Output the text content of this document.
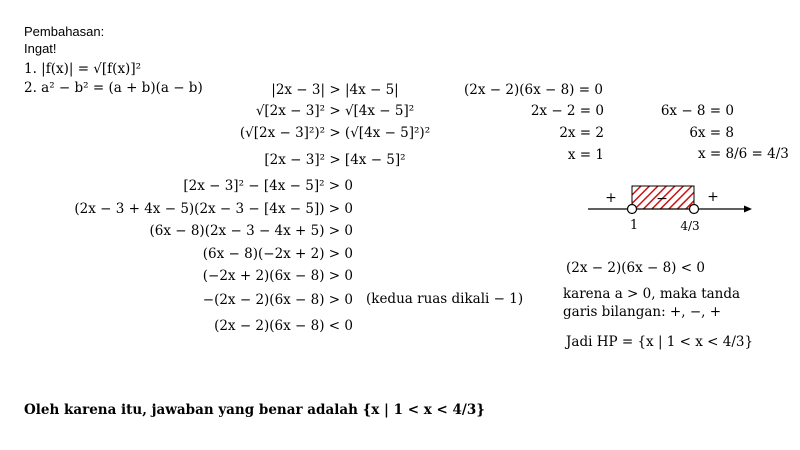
Pembahasan:
Ingat!
1. |f(x)| = √[f(x)]²
2. a² − b² = (a + b)(a − b)	|2x − 3| > |4x − 5|
√[2x − 3]² > √[4x − 5]²
(√[2x − 3]²)² > (√[4x − 5]²)²
[2x − 3]² > [4x − 5]²
[2x − 3]² − [4x − 5]² > 0
(2x − 3 + 4x − 5)(2x − 3 − [4x − 5]) > 0
(6x − 8)(2x − 3 − 4x + 5) > 0
(6x − 8)(−2x + 2) > 0
(−2x + 2)(6x − 8) > 0
−(2x − 2)(6x − 8) > 0 (kedua ruas dikali − 1)
(2x − 2)(6x − 8) < 0
(2x − 2)(6x − 8) = 0
2x − 2 = 0
2x = 2
x = 1
6x − 8 = 0
6x = 8
x = 8/6 = 4/3
+	−	+
1	4/3
(2x − 2)(6x − 8) < 0
karena a > 0, maka tanda
garis bilangan: +, −, +
Jadi HP = {x | 1 < x < 4/3}
Oleh karena itu, jawaban yang benar adalah {x | 1 < x < 4/3}
